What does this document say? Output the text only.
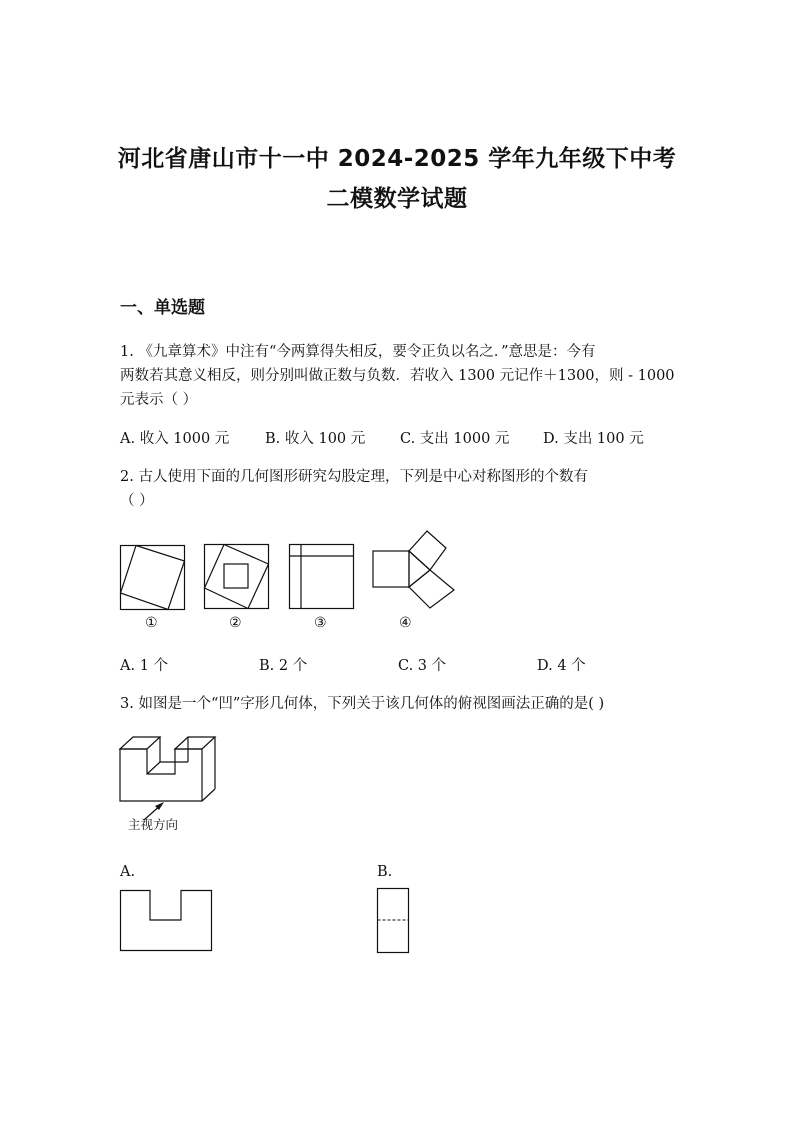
河北省唐山市十一中 2024-2025 学年九年级下中考
二模数学试题
一、单选题
1. 《九章算术》中注有“今两算得失相反，要令正负以名之．”意思是：今有
两数若其意义相反，则分别叫做正数与负数．若收入 1300 元记作＋1300，则 - 1000
元表示（ ）
A. 收入 1000 元 B. 收入 100 元 C. 支出 1000 元 D. 支出 100 元
2. 古人使用下面的几何图形研究勾股定理，下列是中心对称图形的个数有
（ ）
①	②	③	④
A. 1 个	B. 2 个	C. 3 个	D. 4 个
3. 如图是一个“凹”字形几何体，下列关于该几何体的俯视图画法正确的是( )
主视方向
A.	B.
